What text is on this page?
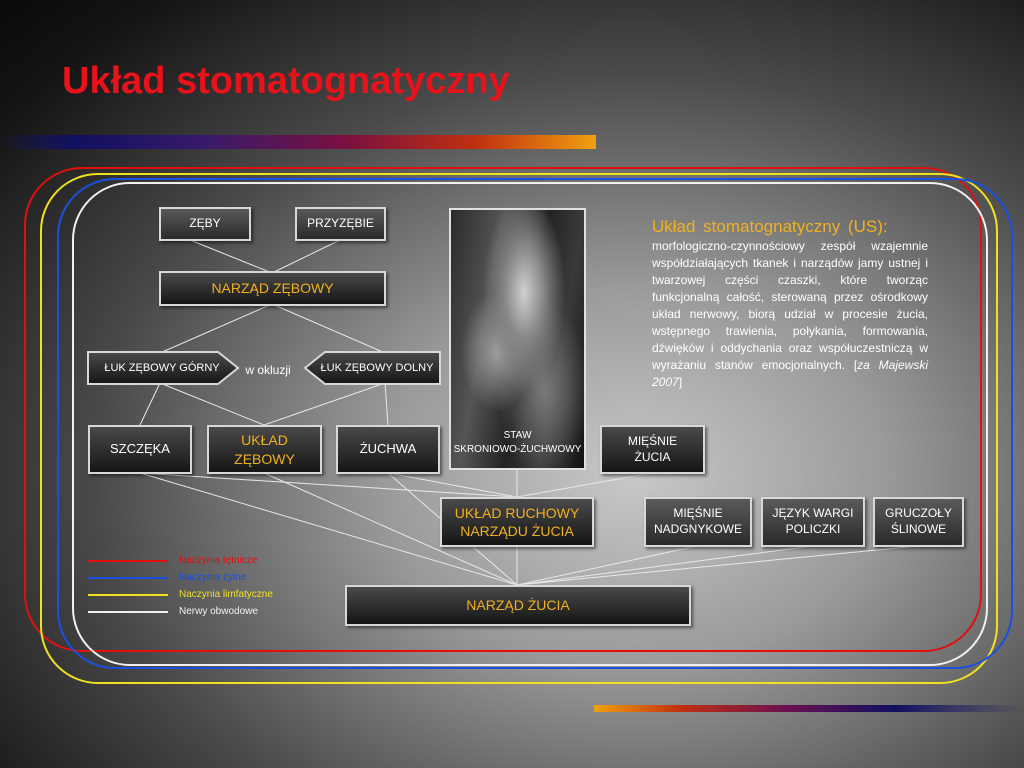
Układ stomatognatyczny
ZĘBY	PRZYZĘBIE
NARZĄD ZĘBOWY
ŁUK ZĘBOWY GÓRNY	w okluzji	ŁUK ZĘBOWY DOLNY
SZCZĘKA
UKŁAD ZĘBOWY
ŻUCHWA
STAW
SKRONIOWO-ŻUCHWOWY
MIĘŚNIE ŻUCIA
UKŁAD RUCHOWY NARZĄDU ŻUCIA
MIĘŚNIE NADGNYKOWE
JĘZYK WARGI POLICZKI
GRUCZOŁY ŚLINOWE
NARZĄD ŻUCIA
Układ stomatognatyczny (US):
morfologiczno-czynnościowy zespół wzajemnie współdziałających tkanek i narządów jamy ustnej i twarzowej części czaszki, które tworząc funkcjonalną całość, sterowaną przez ośrodkowy układ nerwowy, biorą udział w procesie żucia, wstępnego trawienia, połykania, formowania, dźwięków i oddychania oraz współuczestniczą w wyrażaniu stanów emocjonalnych. [za Majewski 2007]
Naczynia tętnicze
Naczynia żylne
Naczynia limfatyczne
Nerwy obwodowe
EAP
